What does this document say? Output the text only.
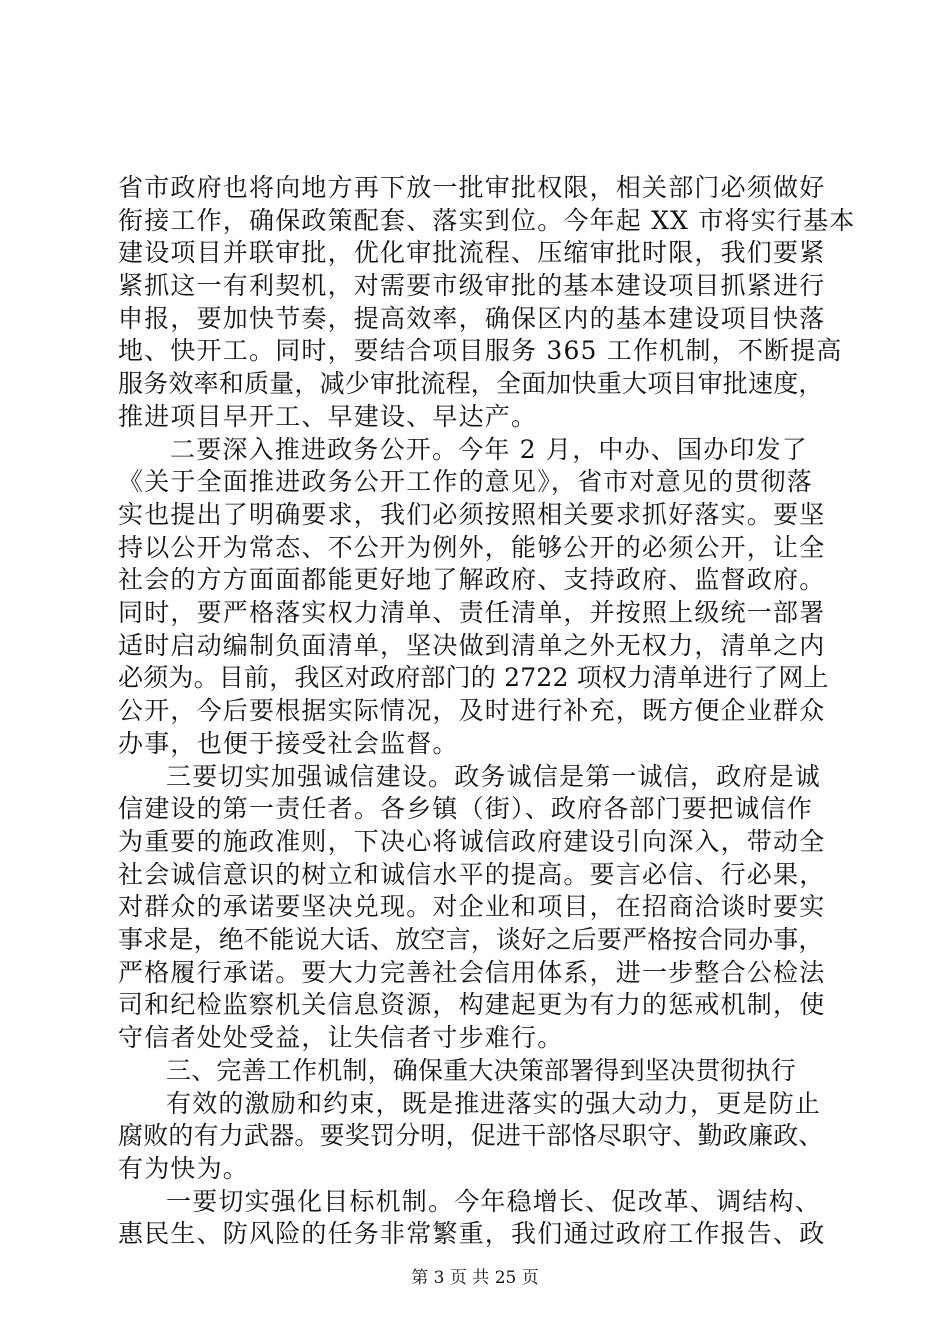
省市政府也将向地方再下放一批审批权限，相关部门必须做好
衔接工作，确保政策配套、落实到位。今年起 XX 市将实行基本
建设项目并联审批，优化审批流程、压缩审批时限，我们要紧
紧抓这一有利契机，对需要市级审批的基本建设项目抓紧进行
申报，要加快节奏，提高效率，确保区内的基本建设项目快落
地、快开工。同时，要结合项目服务 365 工作机制，不断提高
服务效率和质量，减少审批流程，全面加快重大项目审批速度，
推进项目早开工、早建设、早达产。
二要深入推进政务公开。今年 2 月，中办、国办印发了
《关于全面推进政务公开工作的意见》，省市对意见的贯彻落
实也提出了明确要求，我们必须按照相关要求抓好落实。要坚
持以公开为常态、不公开为例外，能够公开的必须公开，让全
社会的方方面面都能更好地了解政府、支持政府、监督政府。
同时，要严格落实权力清单、责任清单，并按照上级统一部署
适时启动编制负面清单，坚决做到清单之外无权力，清单之内
必须为。目前，我区对政府部门的 2722 项权力清单进行了网上
公开，今后要根据实际情况，及时进行补充，既方便企业群众
办事，也便于接受社会监督。
三要切实加强诚信建设。政务诚信是第一诚信，政府是诚
信建设的第一责任者。各乡镇（街）、政府各部门要把诚信作
为重要的施政准则，下决心将诚信政府建设引向深入，带动全
社会诚信意识的树立和诚信水平的提高。要言必信、行必果，
对群众的承诺要坚决兑现。对企业和项目，在招商洽谈时要实
事求是，绝不能说大话、放空言，谈好之后要严格按合同办事，
严格履行承诺。要大力完善社会信用体系，进一步整合公检法
司和纪检监察机关信息资源，构建起更为有力的惩戒机制，使
守信者处处受益，让失信者寸步难行。
三、完善工作机制，确保重大决策部署得到坚决贯彻执行
有效的激励和约束，既是推进落实的强大动力，更是防止
腐败的有力武器。要奖罚分明，促进干部恪尽职守、勤政廉政、
有为快为。
一要切实强化目标机制。今年稳增长、促改革、调结构、
惠民生、防风险的任务非常繁重，我们通过政府工作报告、政
第 3 页 共 25 页
